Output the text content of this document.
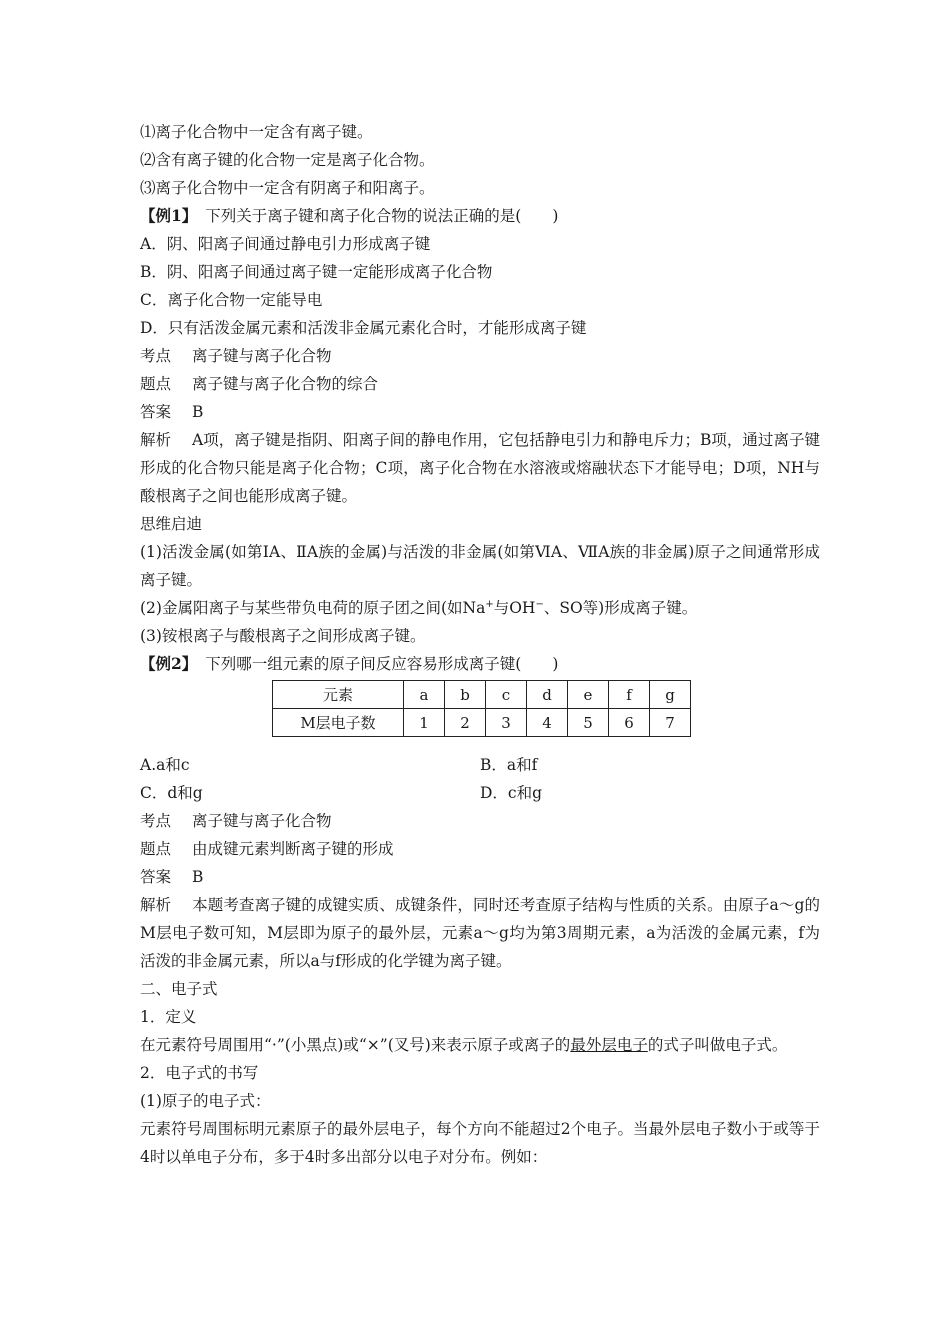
⑴离子化合物中一定含有离子键。
⑵含有离子键的化合物一定是离子化合物。
⑶离子化合物中一定含有阴离子和阳离子。
【例1】 下列关于离子键和离子化合物的说法正确的是(　　)
A．阴、阳离子间通过静电引力形成离子键
B．阴、阳离子间通过离子键一定能形成离子化合物
C．离子化合物一定能导电
D．只有活泼金属元素和活泼非金属元素化合时，才能形成离子键
考点 离子键与离子化合物
题点 离子键与离子化合物的综合
答案 B
解析 A项，离子键是指阴、阳离子间的静电作用，它包括静电引力和静电斥力；B项，通过离子键形成的化合物只能是离子化合物；C项，离子化合物在水溶液或熔融状态下才能导电；D项，NH与酸根离子之间也能形成离子键。
思维启迪
(1)活泼金属(如第ⅠA、ⅡA族的金属)与活泼的非金属(如第ⅥA、ⅦA族的非金属)原子之间通常形成离子键。
(2)金属阳离子与某些带负电荷的原子团之间(如Na+与OH−、SO等)形成离子键。
(3)铵根离子与酸根离子之间形成离子键。
【例2】 下列哪一组元素的原子间反应容易形成离子键(　　)
元素	a	b	c	d	e	f	g
M层电子数	1	2	3	4	5	6	7
A.a和c	B．a和f
C．d和g	D．c和g
考点 离子键与离子化合物
题点 由成键元素判断离子键的形成
答案 B
解析 本题考查离子键的成键实质、成键条件，同时还考查原子结构与性质的关系。由原子a～g的M层电子数可知，M层即为原子的最外层，元素a～g均为第3周期元素，a为活泼的金属元素，f为活泼的非金属元素，所以a与f形成的化学键为离子键。
二、电子式
1．定义
在元素符号周围用“·”(小黑点)或“×”(叉号)来表示原子或离子的最外层电子的式子叫做电子式。
2．电子式的书写
(1)原子的电子式：
元素符号周围标明元素原子的最外层电子，每个方向不能超过2个电子。当最外层电子数小于或等于4时以单电子分布，多于4时多出部分以电子对分布。例如：
